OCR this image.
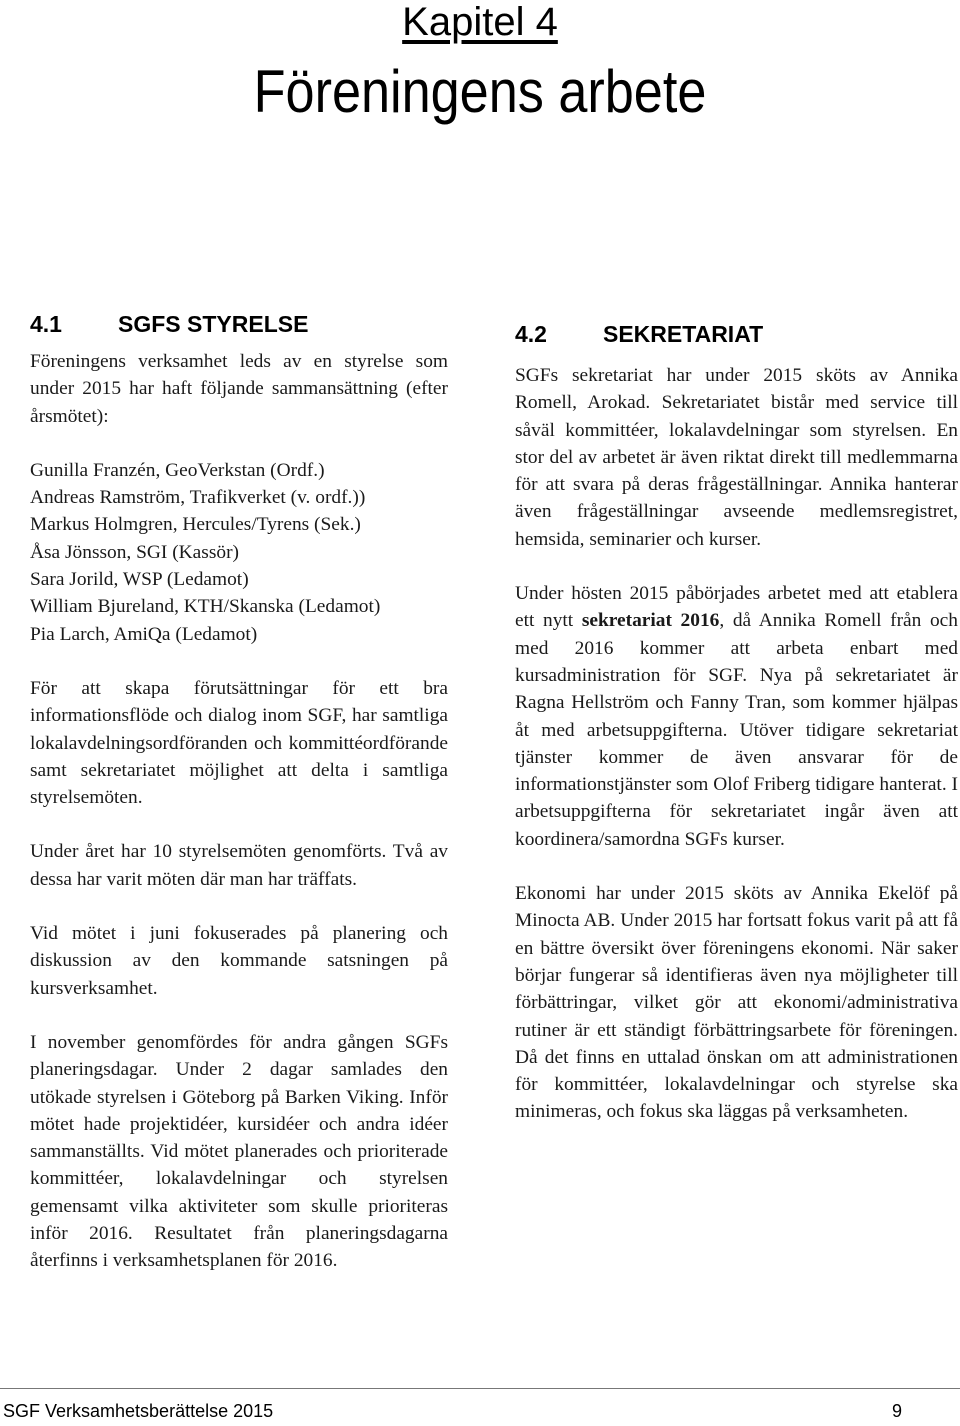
Kapitel 4
Föreningens arbete
4.1 SGFS STYRELSE

Föreningens verksamhet leds av en styrelse som under 2015 har haft följande sammansättning (efter årsmötet):

Gunilla Franzén, GeoVerkstan (Ordf.)
Andreas Ramström, Trafikverket (v. ordf.))
Markus Holmgren, Hercules/Tyrens (Sek.)
Åsa Jönsson, SGI (Kassör)
Sara Jorild, WSP (Ledamot)
William Bjureland, KTH/Skanska (Ledamot)
Pia Larch, AmiQa (Ledamot)

För att skapa förutsättningar för ett bra informationsflöde och dialog inom SGF, har samtliga lokalavdelningsordföranden och kommittéordförande samt sekretariatet möjlighet att delta i samtliga styrelsemöten.

Under året har 10 styrelsemöten genomförts. Två av dessa har varit möten där man har träffats.

Vid mötet i juni fokuserades på planering och diskussion av den kommande satsningen på kursverksamhet.

I november genomfördes för andra gången SGFs planeringsdagar. Under 2 dagar samlades den utökade styrelsen i Göteborg på Barken Viking. Inför mötet hade projektidéer, kursidéer och andra idéer sammanställts. Vid mötet planerades och prioriterade kommittéer, lokalavdelningar och styrelsen gemensamt vilka aktiviteter som skulle prioriteras inför 2016. Resultatet från planeringsdagarna återfinns i verksamhetsplanen för 2016.

4.2 SEKRETARIAT

SGFs sekretariat har under 2015 sköts av Annika Romell, Arokad. Sekretariatet bistår med service till såväl kommittéer, lokalavdelningar som styrelsen. En stor del av arbetet är även riktat direkt till medlemmarna för att svara på deras frågeställningar. Annika hanterar även frågeställningar avseende medlemsregistret, hemsida, seminarier och kurser.

Under hösten 2015 påbörjades arbetet med att etablera ett nytt sekretariat 2016, då Annika Romell från och med 2016 kommer att arbeta enbart med kursadministration för SGF. Nya på sekretariatet är Ragna Hellström och Fanny Tran, som kommer hjälpas åt med arbetsuppgifterna. Utöver tidigare sekretariat tjänster kommer de även ansvarar för de informationstjänster som Olof Friberg tidigare hanterat. I arbetsuppgifterna för sekretariatet ingår även att koordinera/samordna SGFs kurser.

Ekonomi har under 2015 sköts av Annika Ekelöf på Minocta AB. Under 2015 har fortsatt fokus varit på att få en bättre översikt över föreningens ekonomi. När saker börjar fungerar så identifieras även nya möjligheter till förbättringar, vilket gör att ekonomi/administrativa rutiner är ett ständigt förbättringsarbete för föreningen. Då det finns en uttalad önskan om att administrationen för kommittéer, lokalavdelningar och styrelse ska minimeras, och fokus ska läggas på verksamheten.

SGF Verksamhetsberättelse 2015	9
